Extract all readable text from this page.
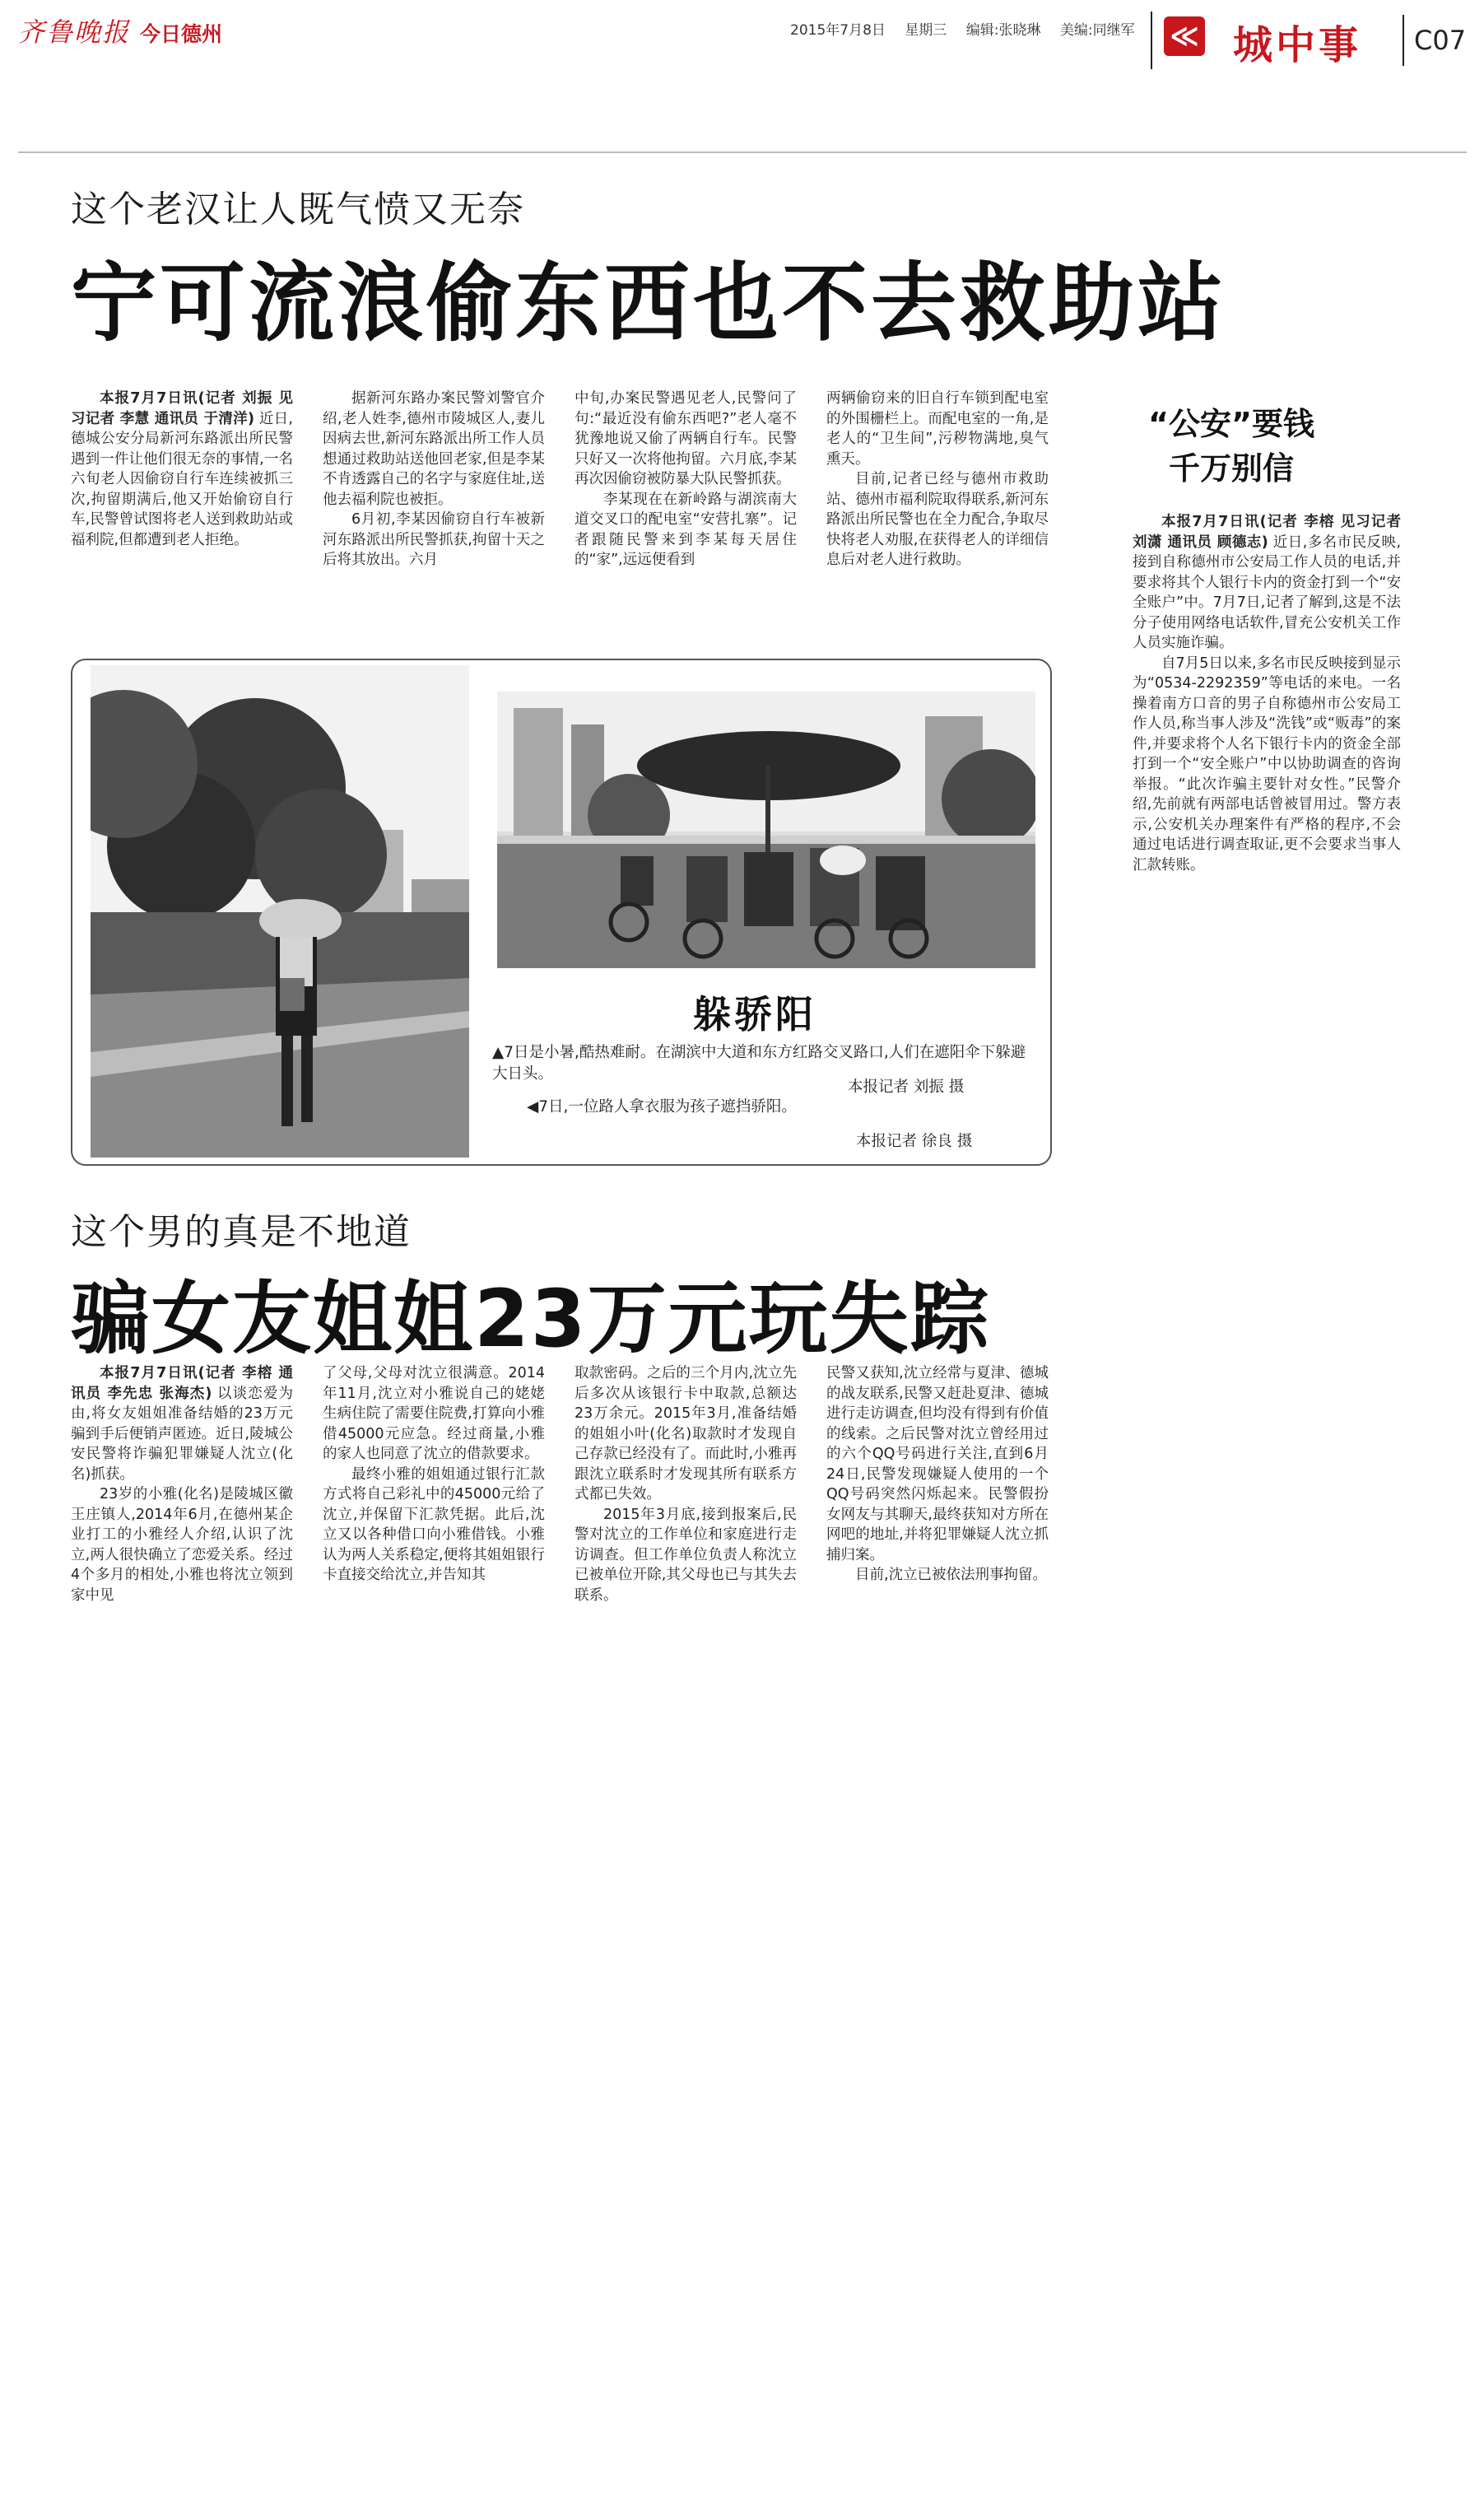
齐鲁晚报 今日德州	2015年7月8日 星期三 编辑:张晓琳 美编:同继军	≪ 城中事 C07
这个老汉让人既气愤又无奈
宁可流浪偷东西也不去救助站

本报7月7日讯(记者 刘振 见习记者 李慧 通讯员 于清洋) 近日,德城公安分局新河东路派出所民警遇到一件让他们很无奈的事情,一名六旬老人因偷窃自行车连续被抓三次,拘留期满后,他又开始偷窃自行车,民警曾试图将老人送到救助站或福利院,但都遭到老人拒绝。

据新河东路办案民警刘警官介绍,老人姓李,德州市陵城区人,妻儿因病去世,新河东路派出所工作人员想通过救助站送他回老家,但是李某不肯透露自己的名字与家庭住址,送他去福利院也被拒。

6月初,李某因偷窃自行车被新河东路派出所民警抓获,拘留十天之后将其放出。六月

中旬,办案民警遇见老人,民警问了句:“最近没有偷东西吧?”老人毫不犹豫地说又偷了两辆自行车。民警只好又一次将他拘留。六月底,李某再次因偷窃被防暴大队民警抓获。

李某现在在新岭路与湖滨南大道交叉口的配电室“安营扎寨”。记者跟随民警来到李某每天居住的“家”,远远便看到

两辆偷窃来的旧自行车锁到配电室的外围栅栏上。而配电室的一角,是老人的“卫生间”,污秽物满地,臭气熏天。

目前,记者已经与德州市救助站、德州市福利院取得联系,新河东路派出所民警也在全力配合,争取尽快将老人劝服,在获得老人的详细信息后对老人进行救助。

“公安”要钱
千万别信

本报7月7日讯(记者 李榕 见习记者 刘潇 通讯员 顾德志) 近日,多名市民反映,接到自称德州市公安局工作人员的电话,并要求将其个人银行卡内的资金打到一个“安全账户”中。7月7日,记者了解到,这是不法分子使用网络电话软件,冒充公安机关工作人员实施诈骗。

自7月5日以来,多名市民反映接到显示为“0534-2292359”等电话的来电。一名操着南方口音的男子自称德州市公安局工作人员,称当事人涉及“洗钱”或“贩毒”的案件,并要求将个人名下银行卡内的资金全部打到一个“安全账户”中以协助调查的咨询举报。“此次诈骗主要针对女性。”民警介绍,先前就有两部电话曾被冒用过。警方表示,公安机关办理案件有严格的程序,不会通过电话进行调查取证,更不会要求当事人汇款转账。

躲骄阳
▲7日是小暑,酷热难耐。在湖滨中大道和东方红路交叉路口,人们在遮阳伞下躲避大日头。
本报记者 刘振 摄
◀7日,一位路人拿衣服为孩子遮挡骄阳。
本报记者 徐良 摄
这个男的真是不地道
骗女友姐姐23万元玩失踪

本报7月7日讯(记者 李榕 通讯员 李先忠 张海杰) 以谈恋爱为由,将女友姐姐准备结婚的23万元骗到手后便销声匿迹。近日,陵城公安民警将诈骗犯罪嫌疑人沈立(化名)抓获。

23岁的小雅(化名)是陵城区徽王庄镇人,2014年6月,在德州某企业打工的小雅经人介绍,认识了沈立,两人很快确立了恋爱关系。经过4个多月的相处,小雅也将沈立领到家中见

了父母,父母对沈立很满意。2014年11月,沈立对小雅说自己的姥姥生病住院了需要住院费,打算向小雅借45000元应急。经过商量,小雅的家人也同意了沈立的借款要求。

最终小雅的姐姐通过银行汇款方式将自己彩礼中的45000元给了沈立,并保留下汇款凭据。此后,沈立又以各种借口向小雅借钱。小雅认为两人关系稳定,便将其姐姐银行卡直接交给沈立,并告知其

取款密码。之后的三个月内,沈立先后多次从该银行卡中取款,总额达23万余元。2015年3月,准备结婚的姐姐小叶(化名)取款时才发现自己存款已经没有了。而此时,小雅再跟沈立联系时才发现其所有联系方式都已失效。

2015年3月底,接到报案后,民警对沈立的工作单位和家庭进行走访调查。但工作单位负责人称沈立已被单位开除,其父母也已与其失去联系。

民警又获知,沈立经常与夏津、德城的战友联系,民警又赶赴夏津、德城进行走访调查,但均没有得到有价值的线索。之后民警对沈立曾经用过的六个QQ号码进行关注,直到6月24日,民警发现嫌疑人使用的一个QQ号码突然闪烁起来。民警假扮女网友与其聊天,最终获知对方所在网吧的地址,并将犯罪嫌疑人沈立抓捕归案。

目前,沈立已被依法刑事拘留。
